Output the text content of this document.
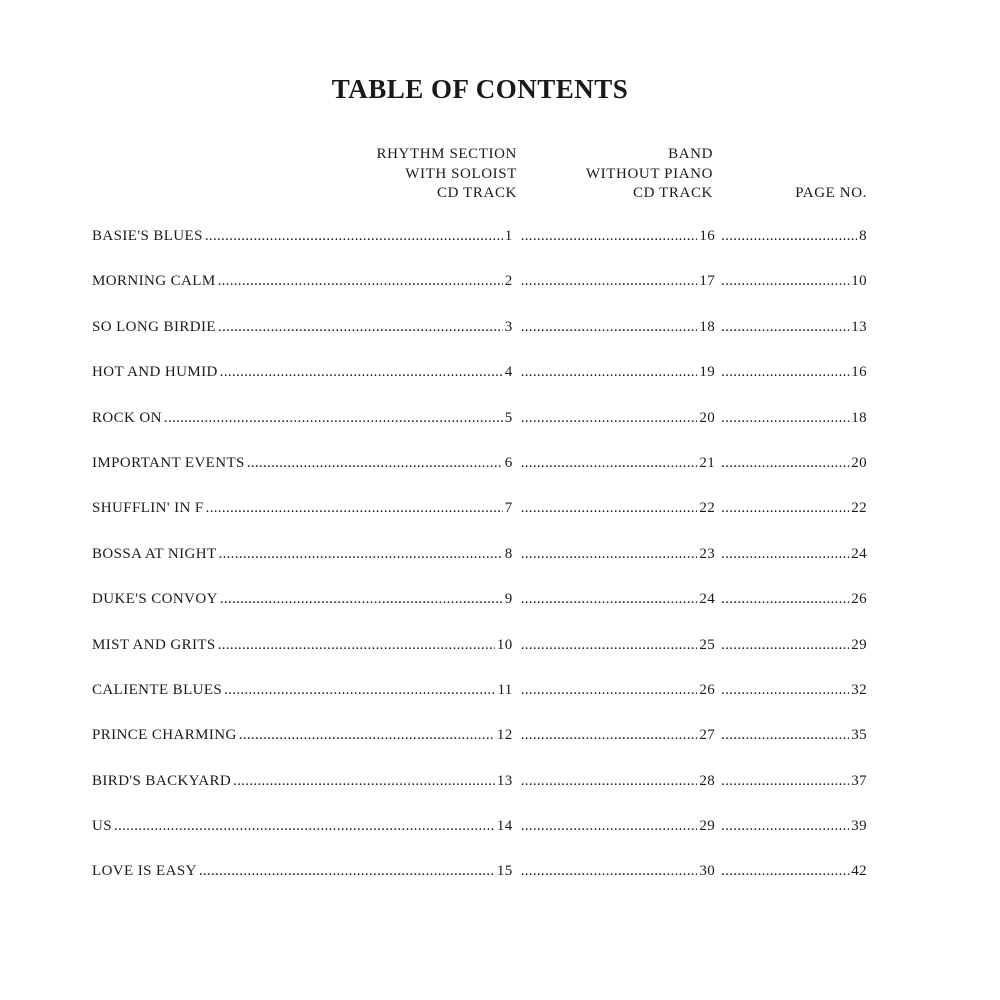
TABLE OF CONTENTS
RHYTHM SECTION
WITH SOLOIST
CD TRACK
BAND
WITHOUT PIANO
CD TRACK	PAGE NO.
BASIE'S BLUES .....	1 .....	16 .....	8
MORNING CALM .....	2 .....	17 .....	10
SO LONG BIRDIE .....	3 .....	18 .....	13
HOT AND HUMID .....	4 .....	19 .....	16
ROCK ON .....	5 .....	20 .....	18
IMPORTANT EVENTS .....	6 .....	21 .....	20
SHUFFLIN' IN F .....	7 .....	22 .....	22
BOSSA AT NIGHT .....	8 .....	23 .....	24
DUKE'S CONVOY .....	9 .....	24 .....	26
MIST AND GRITS .....	10 .....	25 .....	29
CALIENTE BLUES .....	11 .....	26 .....	32
PRINCE CHARMING .....	12 .....	27 .....	35
BIRD'S BACKYARD .....	13 .....	28 .....	37
US .....	14 .....	29 .....	39
LOVE IS EASY .....	15 .....	30 .....	42
